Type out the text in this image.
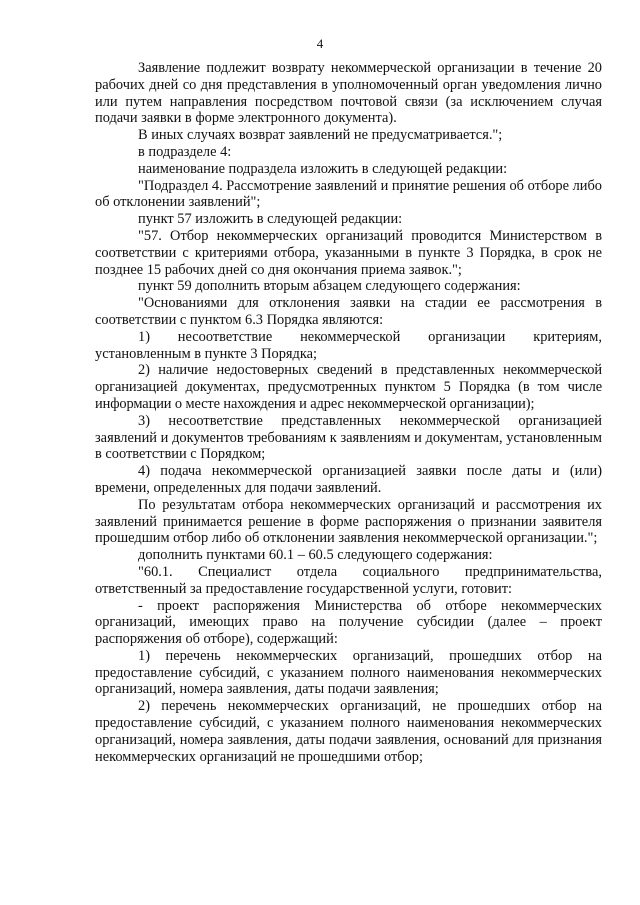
4

Заявление подлежит возврату некоммерческой организации в течение 20 рабочих дней со дня представления в уполномоченный орган уведомления лично или путем направления посредством почтовой связи (за исключением случая подачи заявки в форме электронного документа).

В иных случаях возврат заявлений не предусматривается.";

в подразделе 4:

наименование подраздела изложить в следующей редакции:

"Подраздел 4. Рассмотрение заявлений и принятие решения об отборе либо об отклонении заявлений";

пункт 57 изложить в следующей редакции:

"57. Отбор некоммерческих организаций проводится Министерством в соответствии с критериями отбора, указанными в пункте 3 Порядка, в срок не позднее 15 рабочих дней со дня окончания приема заявок.";

пункт 59 дополнить вторым абзацем следующего содержания:

"Основаниями для отклонения заявки на стадии ее рассмотрения в соответствии с пунктом 6.3 Порядка являются:

1) несоответствие некоммерческой организации критериям, установленным в пункте 3 Порядка;

2) наличие недостоверных сведений в представленных некоммерческой организацией документах, предусмотренных пунктом 5 Порядка (в том числе информации о месте нахождения и адрес некоммерческой организации);

3) несоответствие представленных некоммерческой организацией заявлений и документов требованиям к заявлениям и документам, установленным в соответствии с Порядком;

4) подача некоммерческой организацией заявки после даты и (или) времени, определенных для подачи заявлений.

По результатам отбора некоммерческих организаций и рассмотрения их заявлений принимается решение в форме распоряжения о признании заявителя прошедшим отбор либо об отклонении заявления некоммерческой организации.";

дополнить пунктами 60.1 – 60.5 следующего содержания:

"60.1. Специалист отдела социального предпринимательства, ответственный за предоставление государственной услуги, готовит:

- проект распоряжения Министерства об отборе некоммерческих организаций, имеющих право на получение субсидии (далее – проект распоряжения об отборе), содержащий:

1) перечень некоммерческих организаций, прошедших отбор на предоставление субсидий, с указанием полного наименования некоммерческих организаций, номера заявления, даты подачи заявления;

2) перечень некоммерческих организаций, не прошедших отбор на предоставление субсидий, с указанием полного наименования некоммерческих организаций, номера заявления, даты подачи заявления, оснований для признания некоммерческих организаций не прошедшими отбор;
